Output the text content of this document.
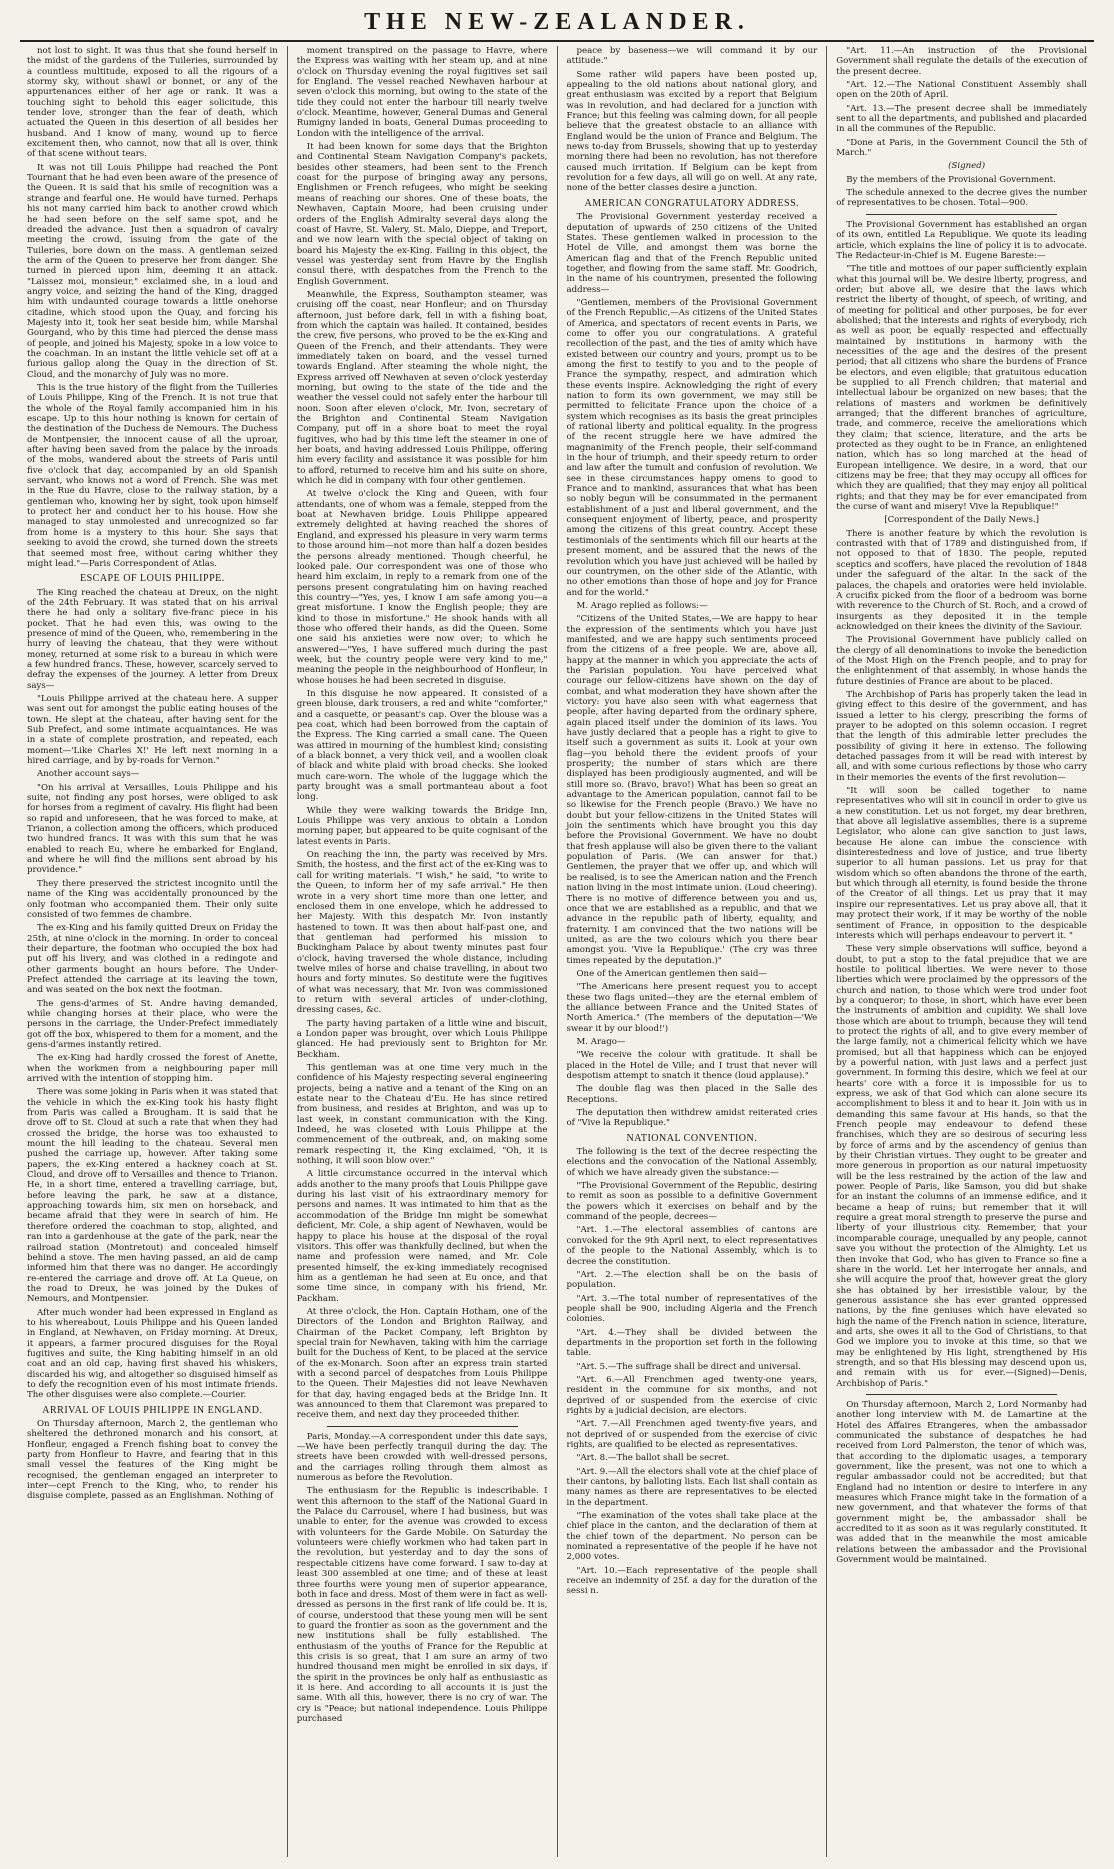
THE NEW-ZEALANDER.

not lost to sight. It was thus that she found herself in the midst of the gardens of the Tuileries, surrounded by a countless multitude, exposed to all the rigours of a stormy sky, without shawl or bonnet, or any of the appurtenances either of her age or rank. It was a touching sight to behold this eager solicitude, this tender love, stronger than the fear of death, which actuated the Queen in this desertion of all besides her husband. And I know of many, wound up to fierce excitement then, who cannot, now that all is over, think of that scene without tears.

It was not till Louis Philippe had reached the Pont Tournant that he had even been aware of the presence of the Queen. It is said that his smile of recognition was a strange and fearful one. He would have turned. Perhaps his not many carried him back to another crowd which he had seen before on the self same spot, and he dreaded the advance. Just then a squadron of cavalry meeting the crowd, issuing from the gate of the Tuileries, bore down on the mass. A gentleman seized the arm of the Queen to preserve her from danger. She turned in pierced upon him, deeming it an attack. "Laissez moi, monsieur," exclaimed she, in a loud and angry voice, and seizing the hand of the King, dragged him with undaunted courage towards a little onehorse citadine, which stood upon the Quay, and forcing his Majesty into it, took her seat beside him, while Marshal Gourgand, who by this time had pierced the dense mass of people, and joined his Majesty, spoke in a low voice to the coachman. In an instant the little vehicle set off at a furious gallop along the Quay in the direction of St. Cloud, and the monarchy of July was no more.

This is the true history of the flight from the Tuilleries of Louis Philippe, King of the French. It is not true that the whole of the Royal family accompanied him in his escape. Up to this hour nothing is known for certain of the destination of the Duchess de Nemours. The Duchess de Montpensier, the innocent cause of all the uproar, after having been saved from the palace by the inroads of the mobs, wandered about the streets of Paris until five o'clock that day, accompanied by an old Spanish servant, who knows not a word of French. She was met in the Rue du Havre, close to the railway station, by a gentleman who, knowing her by sight, took upon himself to protect her and conduct her to his house. How she managed to stay unmolested and unrecognized so far from home is a mystery to this hour. She says that seeking to avoid the crowd, she turned down the streets that seemed most free, without caring whither they might lead."—Paris Correspondent of Atlas.

ESCAPE OF LOUIS PHILIPPE.

The King reached the chateau at Dreux, on the night of the 24th February. It was stated that on his arrival there he had only a solitary five-franc piece in his pocket. That he had even this, was owing to the presence of mind of the Queen, who, remembering in the hurry of leaving the chateau, that they were without money, returned at some risk to a bureau in which were a few hundred francs. These, however, scarcely served to defray the expenses of the journey. A letter from Dreux says—

"Louis Philippe arrived at the chateau here. A supper was sent out for amongst the public eating houses of the town. He slept at the chateau, after having sent for the Sub Prefect, and some intimate acquaintances. He was in a state of complete prostration, and repeated, each moment—'Like Charles X!' He left next morning in a hired carriage, and by by-roads for Vernon."

Another account says—

"On his arrival at Versailles, Louis Philippe and his suite, not finding any post horses, were obliged to ask for horses from a regiment of cavalry. His flight had been so rapid and unforeseen, that he was forced to make, at Trianon, a collection among the officers, which produced two hundred francs. It was with this sum that he was enabled to reach Eu, where he embarked for England, and where he will find the millions sent abroad by his providence."

They there preserved the strictest incognito until the name of the King was accidentally pronounced by the only footman who accompanied them. Their only suite consisted of two femmes de chambre.

The ex-King and his family quitted Dreux on Friday the 25th, at nine o'clock in the morning. In order to conceal their departure, the footman who occupied the box had put off his livery, and was clothed in a redingote and other garments bought an hours before. The Under-Prefect attended the carriage at its leaving the town, and was seated on the box next the footman.

The gens-d'armes of St. Andre having demanded, while changing horses at their place, who were the persons in the carriage, the Under-Prefect immediately got off the box, whispered to them for a moment, and the gens-d'armes instantly retired.

The ex-King had hardly crossed the forest of Anette, when the workmen from a neighbouring paper mill arrived with the intention of stopping him.

There was some joking in Paris when it was stated that the vehicle in which the ex-King took his hasty flight from Paris was called a Brougham. It is said that he drove off to St. Cloud at such a rate that when they had crossed the bridge, the horse was too exhausted to mount the hill leading to the chateau. Several men pushed the carriage up, however. After taking some papers, the ex-King entered a hackney coach at St. Cloud, and drove off to Versailles and thence to Trianon. He, in a short time, entered a travelling carriage, but, before leaving the park, he saw at a distance, approaching towards him, six men on horseback, and became afraid that they were in search of him. He therefore ordered the coachman to stop, alighted, and ran into a gardenhouse at the gate of the park, near the railroad station (Montretout) and concealed himself behind a stove. The men having passed, an aid de camp informed him that there was no danger. He accordingly re-entered the carriage and drove off. At La Queue, on the road to Dreux, he was joined by the Dukes of Nemours, and Montpensier.

After much wonder had been expressed in England as to his whereabout, Louis Philippe and his Queen landed in England, at Newhaven, on Friday morning. At Dreux, it appears, a farmer procured disguises for the Royal fugitives and suite, the King habiting himself in an old coat and an old cap, having first shaved his whiskers, discarded his wig, and altogether so disguised himself as to defy the recognition even of his most intimate friends. The other disguises were also complete.—Courier.

ARRIVAL OF LOUIS PHILIPPE IN ENGLAND.

On Thursday afternoon, March 2, the gentleman who sheltered the dethroned monarch and his consort, at Honfleur, engaged a French fishing boat to convey the party from Honfleur to Havre, and fearing that in this small vessel the features of the King might be recognised, the gentleman engaged an interpreter to inter—cept French to the King, who, to render his disguise complete, passed as an Englishman. Nothing of

moment transpired on the passage to Havre, where the Express was waiting with her steam up, and at nine o'clock on Thursday evening the royal fugitives set sail for England. The vessel reached Newhaven harbour at seven o'clock this morning, but owing to the state of the tide they could not enter the harbour till nearly twelve o'clock. Meantime, however, General Dumas and General Rumigny landed in boats, General Dumas proceeding to London with the intelligence of the arrival.

It had been known for some days that the Brighton and Continental Steam Navigation Company's packets, besides other steamers, had been sent to the French coast for the purpose of bringing away any persons, Englishmen or French refugees, who might be seeking means of reaching our shores. One of these boats, the Newhaven, Captain Moore, had been cruising under orders of the English Admiralty several days along the coast of Havre, St. Valery, St. Malo, Dieppe, and Treport, and we now learn with the special object of taking on board his Majesty the ex-King. Failing in this object, the vessel was yesterday sent from Havre by the English consul there, with despatches from the French to the English Government.

Meanwhile, the Express, Southampton steamer, was cruising off the coast, near Honfleur; and on Thursday afternoon, just before dark, fell in with a fishing boat, from which the captain was hailed. It contained, besides the crew, five persons, who proved to be the ex-King and Queen of the French, and their attendants. They were immediately taken on board, and the vessel turned towards England. After steaming the whole night, the Express arrived off Newhaven at seven o'clock yesterday morning, but owing to the state of the tide and the weather the vessel could not safely enter the harbour till noon. Soon after eleven o'clock, Mr. Ivon, secretary of the Brighton and Continental Steam Navigation Company, put off in a shore boat to meet the royal fugitives, who had by this time left the steamer in one of her boats, and having addressed Louis Philippe, offering him every facility and assistance it was possible for him to afford, returned to receive him and his suite on shore, which he did in company with four other gentlemen.

At twelve o'clock the King and Queen, with four attendants, one of whom was a female, stepped from the boat at Newhaven bridge. Louis Philippe appeared extremely delighted at having reached the shores of England, and expressed his pleasure in very warm terms to those around him—not more than half a dozen besides the persons already mentioned. Though cheerful, he looked pale. Our correspondent was one of those who heard him exclaim, in reply to a remark from one of the persons present congratulating him on having reached this country—"Yes, yes, I know I am safe among you—a great misfortune. I know the English people; they are kind to those in misfortune." He shook hands with all those who offered their hands, as did the Queen. Some one said his anxieties were now over; to which he answered—"Yes, I have suffered much during the past week, but the country people were very kind to me," meaning the people in the neighbourhood of Honfleur, in whose houses he had been secreted in disguise.

In this disguise he now appeared. It consisted of a green blouse, dark trousers, a red and white "comforter," and a casquette, or peasant's cap. Over the blouse was a pea coat, which had been borrowed from the captain of the Express. The King carried a small cane. The Queen was attired in mourning of the humblest kind; consisting of a black bonnet, a very thick veil, and a woollen cloak of black and white plaid with broad checks. She looked much care-worn. The whole of the luggage which the party brought was a small portmanteau about a foot long.

While they were walking towards the Bridge Inn, Louis Philippe was very anxious to obtain a London morning paper, but appeared to be quite cognisant of the latest events in Paris.

On reaching the inn, the party was received by Mrs. Smith, the hostess, and the first act of the ex-King was to call for writing materials. "I wish," he said, "to write to the Queen, to inform her of my safe arrival." He then wrote in a very short time more than one letter, and enclosed them in one envelope, which he addressed to her Majesty. With this despatch Mr. Ivon instantly hastened to town. It was then about half-past one, and that gentleman had performed his mission to Buckingham Palace by about twenty minutes past four o'clock, having traversed the whole distance, including twelve miles of horse and chaise travelling, in about two hours and forty minutes. So destitute were the fugitives of what was necessary, that Mr. Ivon was commissioned to return with several articles of under-clothing, dressing cases, &c.

The party having partaken of a little wine and biscuit, a London paper was brought, over which Louis Philippe glanced. He had previously sent to Brighton for Mr. Beckham.

This gentleman was at one time very much in the confidence of his Majesty respecting several engineering projects, being a native and a tenant of the King on an estate near to the Chateau d'Eu. He has since retired from business, and resides at Brighton, and was up to last week, in constant communication with the King. Indeed, he was closeted with Louis Philippe at the commencement of the outbreak, and, on making some remark respecting it, the King exclaimed, "Oh, it is nothing, it will soon blow over."

A little circumstance occurred in the interval which adds another to the many proofs that Louis Philippe gave during his last visit of his extraordinary memory for persons and names. It was intimated to him that as the accommodation of the Bridge Inn might be somewhat deficient, Mr. Cole, a ship agent of Newhaven, would be happy to place his house at the disposal of the royal visitors. This offer was thankfully declined, but when the name and profession were named, and Mr. Cole presented himself, the ex-king immediately recognised him as a gentleman he had seen at Eu once, and that some time since, in company with his friend, Mr. Packham.

At three o'clock, the Hon. Captain Hotham, one of the Directors of the London and Brighton Railway, and Chairman of the Packet Company, left Brighton by special train for Newhaven, taking with him the carriage built for the Duchess of Kent, to be placed at the service of the ex-Monarch. Soon after an express train started with a second parcel of despatches from Louis Philippe to the Queen. Their Majesties did not leave Newhaven for that day, having engaged beds at the Bridge Inn. It was announced to them that Claremont was prepared to receive them, and next day they proceeded thither.

Paris, Monday.—A correspondent under this date says,—We have been perfectly tranquil during the day. The streets have been crowded with well-dressed persons, and the carriages rolling through them almost as numerous as before the Revolution.

The enthusiasm for the Republic is indescribable. I went this afternoon to the staff of the National Guard in the Palace du Carrousel, where I had business, but was unable to enter, for the avenue was crowded to excess with volunteers for the Garde Mobile. On Saturday the volunteers were chiefly workmen who had taken part in the revolution, but yesterday and to day the sons of respectable citizens have come forward. I saw to-day at least 300 assembled at one time; and of these at least three fourths were young men of superior appearance, both in face and dress. Most of them were in fact as well-dressed as persons in the first rank of life could be. It is, of course, understood that these young men will be sent to guard the frontier as soon as the government and the new institutions shall be fully established. The enthusiasm of the youths of France for the Republic at this crisis is so great, that I am sure an army of two hundred thousand men might be enrolled in six days, if the spirit in the provinces be only half as enthusiastic as it is here. And according to all accounts it is just the same. With all this, however, there is no cry of war. The cry is "Peace; but national independence. Louis Philippe purchased

peace by baseness—we will command it by our attitude."

Some rather wild papers have been posted up, appealing to the old nations about national glory, and great enthusiasm was excited by a report that Belgium was in revolution, and had declared for a junction with France; but this feeling was calming down, for all people believe that the greatest obstacle to an alliance with England would be the union of France and Belgium. The news to-day from Brussels, showing that up to yesterday morning there had been no revolution, has not therefore caused much irritation. If Belgium can be kept from revolution for a few days, all will go on well. At any rate, none of the better classes desire a junction.

AMERICAN CONGRATULATORY ADDRESS.

The Provisional Government yesterday received a deputation of upwards of 250 citizens of the United States. These gentlemen walked in procession to the Hotel de Ville, and amongst them was borne the American flag and that of the French Republic united together, and flowing from the same staff. Mr. Goodrich, in the name of his countrymen, presented the following address—

"Gentlemen, members of the Provisional Government of the French Republic,—As citizens of the United States of America, and spectators of recent events in Paris, we come to offer you our congratulations. A grateful recollection of the past, and the ties of amity which have existed between our country and yours, prompt us to be among the first to testify to you and to the people of France the sympathy, respect, and admiration which these events inspire. Acknowledging the right of every nation to form its own government, we may still be permitted to felicitate France upon the choice of a system which recognises as its basis the great principles of rational liberty and political equality. In the progress of the recent struggle here we have admired the magnanimity of the French people, their self-command in the hour of triumph, and their speedy return to order and law after the tumult and confusion of revolution. We see in these circumstances happy omens to good to France and to mankind, assurances that what has been so nobly begun will be consummated in the permanent establishment of a just and liberal government, and the consequent enjoyment of liberty, peace, and prosperity among the citizens of this great country. Accept these testimonials of the sentiments which fill our hearts at the present moment, and be assured that the news of the revolution which you have just achieved will be hailed by our countrymen, on the other side of the Atlantic, with no other emotions than those of hope and joy for France and for the world."

M. Arago replied as follows:—

"Citizens of the United States,—We are happy to hear the expression of the sentiments which you have just manifested, and we are happy such sentiments proceed from the citizens of a free people. We are, above all, happy at the manner in which you appreciate the acts of the Parisian population. You have perceived what courage our fellow-citizens have shown on the day of combat, and what moderation they have shown after the victory: you have also seen with what eagerness that people, after having departed from the ordinary sphere, again placed itself under the dominion of its laws. You have justly declared that a people has a right to give to itself such a government as suits it. Look at your own flag—you behold there the evident proofs of your prosperity; the number of stars which are there displayed has been prodigiously augmented, and will be still more so. (Bravo, bravo!) What has been so great an advantage to the American population, cannot fail to be so likewise for the French people (Bravo.) We have no doubt but your fellow-citizens in the United States will join the sentiments which have brought you this day before the Provisional Government. We have no doubt that fresh applause will also be given there to the valiant population of Paris. (We can answer for that.) Gentlemen, the prayer that we offer up, and which will be realised, is to see the American nation and the French nation living in the most intimate union. (Loud cheering). There is no motive of difference between you and us, once that we are established as a republic, and that we advance in the republic path of liberty, equality, and fraternity. I am convinced that the two nations will be united, as are the two colours which you there bear amongst you. 'Vive la Republique.' (The cry was three times repeated by the deputation.)"

One of the American gentlemen then said—

"The Americans here present request you to accept these two flags united—they are the eternal emblem of the alliance between France and the United States of North America." (The members of the deputation—'We swear it by our blood!')

M. Arago—

"We receive the colour with gratitude. It shall be placed in the Hotel de Ville; and I trust that never will despotism attempt to snatch it thence (loud applause)."

The double flag was then placed in the Salle des Receptions.

The deputation then withdrew amidst reiterated cries of "Vive la Republique."

NATIONAL CONVENTION.

The following is the text of the decree respecting the elections and the convocation of the National Assembly, of which we have already given the substance:—

"The Provisional Government of the Republic, desiring to remit as soon as possible to a definitive Government the powers which it exercises on behalf and by the command of the people, decrees—

"Art. 1.—The electoral assemblies of cantons are convoked for the 9th April next, to elect representatives of the people to the National Assembly, which is to decree the constitution.

"Art. 2.—The election shall be on the basis of population.

"Art. 3.—The total number of representatives of the people shall be 900, including Algeria and the French colonies.

"Art. 4.—They shall be divided between the departments in the proportion set forth in the following table.

"Art. 5.—The suffrage shall be direct and universal.

"Art. 6.—All Frenchmen aged twenty-one years, resident in the commune for six months, and not deprived of or suspended from the exercise of civic rights by a judicial decision, are electors.

"Art. 7.—All Frenchmen aged twenty-five years, and not deprived of or suspended from the exercise of civic rights, are qualified to be elected as representatives.

"Art. 8.—The ballot shall be secret.

"Art. 9.—All the electors shall vote at the chief place of their cantons, by balloting lists. Each list shall contain as many names as there are representatives to be elected in the department.

"The examination of the votes shall take place at the chief place in the canton, and the declaration of them at the chief town of the department. No person can be nominated a representative of the people if he have not 2,000 votes.

"Art. 10.—Each representative of the people shall receive an indemnity of 25f. a day for the duration of the sessi n.

"Art. 11.—An instruction of the Provisional Government shall regulate the details of the execution of the present decree.

"Art. 12.—The National Constituent Assembly shall open on the 20th of April.

"Art. 13.—The present decree shall be immediately sent to all the departments, and published and placarded in all the communes of the Republic.

"Done at Paris, in the Government Council the 5th of March."

(Signed)

By the members of the Provisional Government.

The schedule annexed to the decree gives the number of representatives to be chosen. Total—900.

The Provisional Government has established an organ of its own, entitled La Republique. We quote its leading article, which explains the line of policy it is to advocate. The Redacteur-in-Chief is M. Eugene Bareste:—

"The title and mottoes of our paper sufficiently explain what this journal will be. We desire liberty, progress, and order; but above all, we desire that the laws which restrict the liberty of thought, of speech, of writing, and of meeting for political and other purposes, be for ever abolished; that the interests and rights of everybody, rich as well as poor, be equally respected and effectually maintained by institutions in harmony with the necessities of the age and the desires of the present period; that all citizens who share the burdens of France be electors, and even eligible; that gratuitous education be supplied to all French children; that material and intellectual labour be organized on new bases; that the relations of masters and workmen be definitively arranged; that the different branches of agriculture, trade, and commerce, receive the ameliorations which they claim; that science, literature, and the arts be protected as they ought to be in France, an enlightened nation, which has so long marched at the head of European intelligence. We desire, in a word, that our citizens may be free; that they may occupy all offices for which they are qualified; that they may enjoy all political rights; and that they may be for ever emancipated from the curse of want and misery! Vive la Republique!"

[Correspondent of the Daily News.]

There is another feature by which the revolution is contrasted with that of 1789 and distinguished from, if not opposed to that of 1830. The people, reputed sceptics and scoffers, have placed the revolution of 1848 under the safeguard of the altar. In the sack of the palaces, the chapels and oratories were held inviolable. A crucifix picked from the floor of a bedroom was borne with reverence to the Church of St. Roch, and a crowd of insurgents as they deposited it in the temple acknowledged on their knees the divinity of the Saviour.

The Provisional Government have publicly called on the clergy of all denominations to invoke the benediction of the Most High on the French people, and to pray for the enlightenment of that assembly, in whose hands the future destinies of France are about to be placed.

The Archbishop of Paris has properly taken the lead in giving effect to this desire of the government, and has issued a letter to his clergy, prescribing the forms of prayer to be adopted on this solemn occasion. I regret that the length of this admirable letter precludes the possibility of giving it here in extenso. The following detached passages from it will be read with interest by all, and with some curious reflections by those who carry in their memories the events of the first revolution—

"It will soon be called together to name representatives who will sit in council in order to give us a new constitution. Let us not forget, my dear brethren, that above all legislative assemblies, there is a supreme Legislator, who alone can give sanction to just laws, because He alone can imbue the conscience with disinterestedness and love of justice, and true liberty superior to all human passions. Let us pray for that wisdom which so often abandons the throne of the earth, but which through all eternity, is found beside the throne of the Creator of all things. Let us pray that it may inspire our representatives. Let us pray above all, that it may protect their work, if it may be worthy of the noble sentiment of France, in opposition to the despicable interests which will perhaps endeavour to pervert it. "

These very simple observations will suffice, beyond a doubt, to put a stop to the fatal prejudice that we are hostile to political liberties. We were never to those liberties which were proclaimed by the oppressors of the church and nation, to those which were trod under foot by a conqueror; to those, in short, which have ever been the instruments of ambition and cupidity. We shall love those which are about to triumph, because they will tend to protect the rights of all, and to give every member of the large family, not a chimerical felicity which we have promised, but all that happiness which can be enjoyed by a powerful nation, with just laws and a perfect just government. In forming this desire, which we feel at our hearts' core with a force it is impossible for us to express, we ask of that God which can alone secure its accomplishment to bless it and to hear it. Join with us in demanding this same favour at His hands, so that the French people may endeavour to defend these franchises, which they are so desirous of securing less by force of arms and by the ascendency of genius than by their Christian virtues. They ought to be greater and more generous in proportion as our natural impetuosity will be the less restrained by the action of the law and power. People of Paris, like Samson, you did but shake for an instant the columns of an immense edifice, and it became a heap of ruins; but remember that it will require a great moral strength to preserve the purse and liberty of your illustrious city. Remember, that your incomparable courage, unequalled by any people, cannot save you without the protection of the Almighty. Let us then invoke that God, who has given to France so fine a share in the world. Let her interrogate her annals, and she will acquire the proof that, however great the glory she has obtained by her irresistible valour, by the generous assistance she has ever granted oppressed nations, by the fine geniuses which have elevated so high the name of the French nation in science, literature, and arts, she owes it all to the God of Christians, to that God we implore you to invoke at this time, so that we may be enlightened by His light, strengthened by His strength, and so that His blessing may descend upon us, and remain with us for ever.—(Signed)—Denis, Archbishop of Paris."

On Thursday afternoon, March 2, Lord Normanby had another long interview with M. de Lamartine at the Hotel des Affaires Etrangeres, when the ambassador communicated the substance of despatches he had received from Lord Palmerston, the tenor of which was, that according to the diplomatic usages, a temporary government, like the present, was not one to which a regular ambassador could not be accredited; but that England had no intention or desire to interfere in any measures which France might take in the formation of a new government, and that whatever the forms of that government might be, the ambassador shall be accredited to it as soon as it was regularly constituted. It was added that in the meanwhile the most amicable relations between the ambassador and the Provisional Government would be maintained.
